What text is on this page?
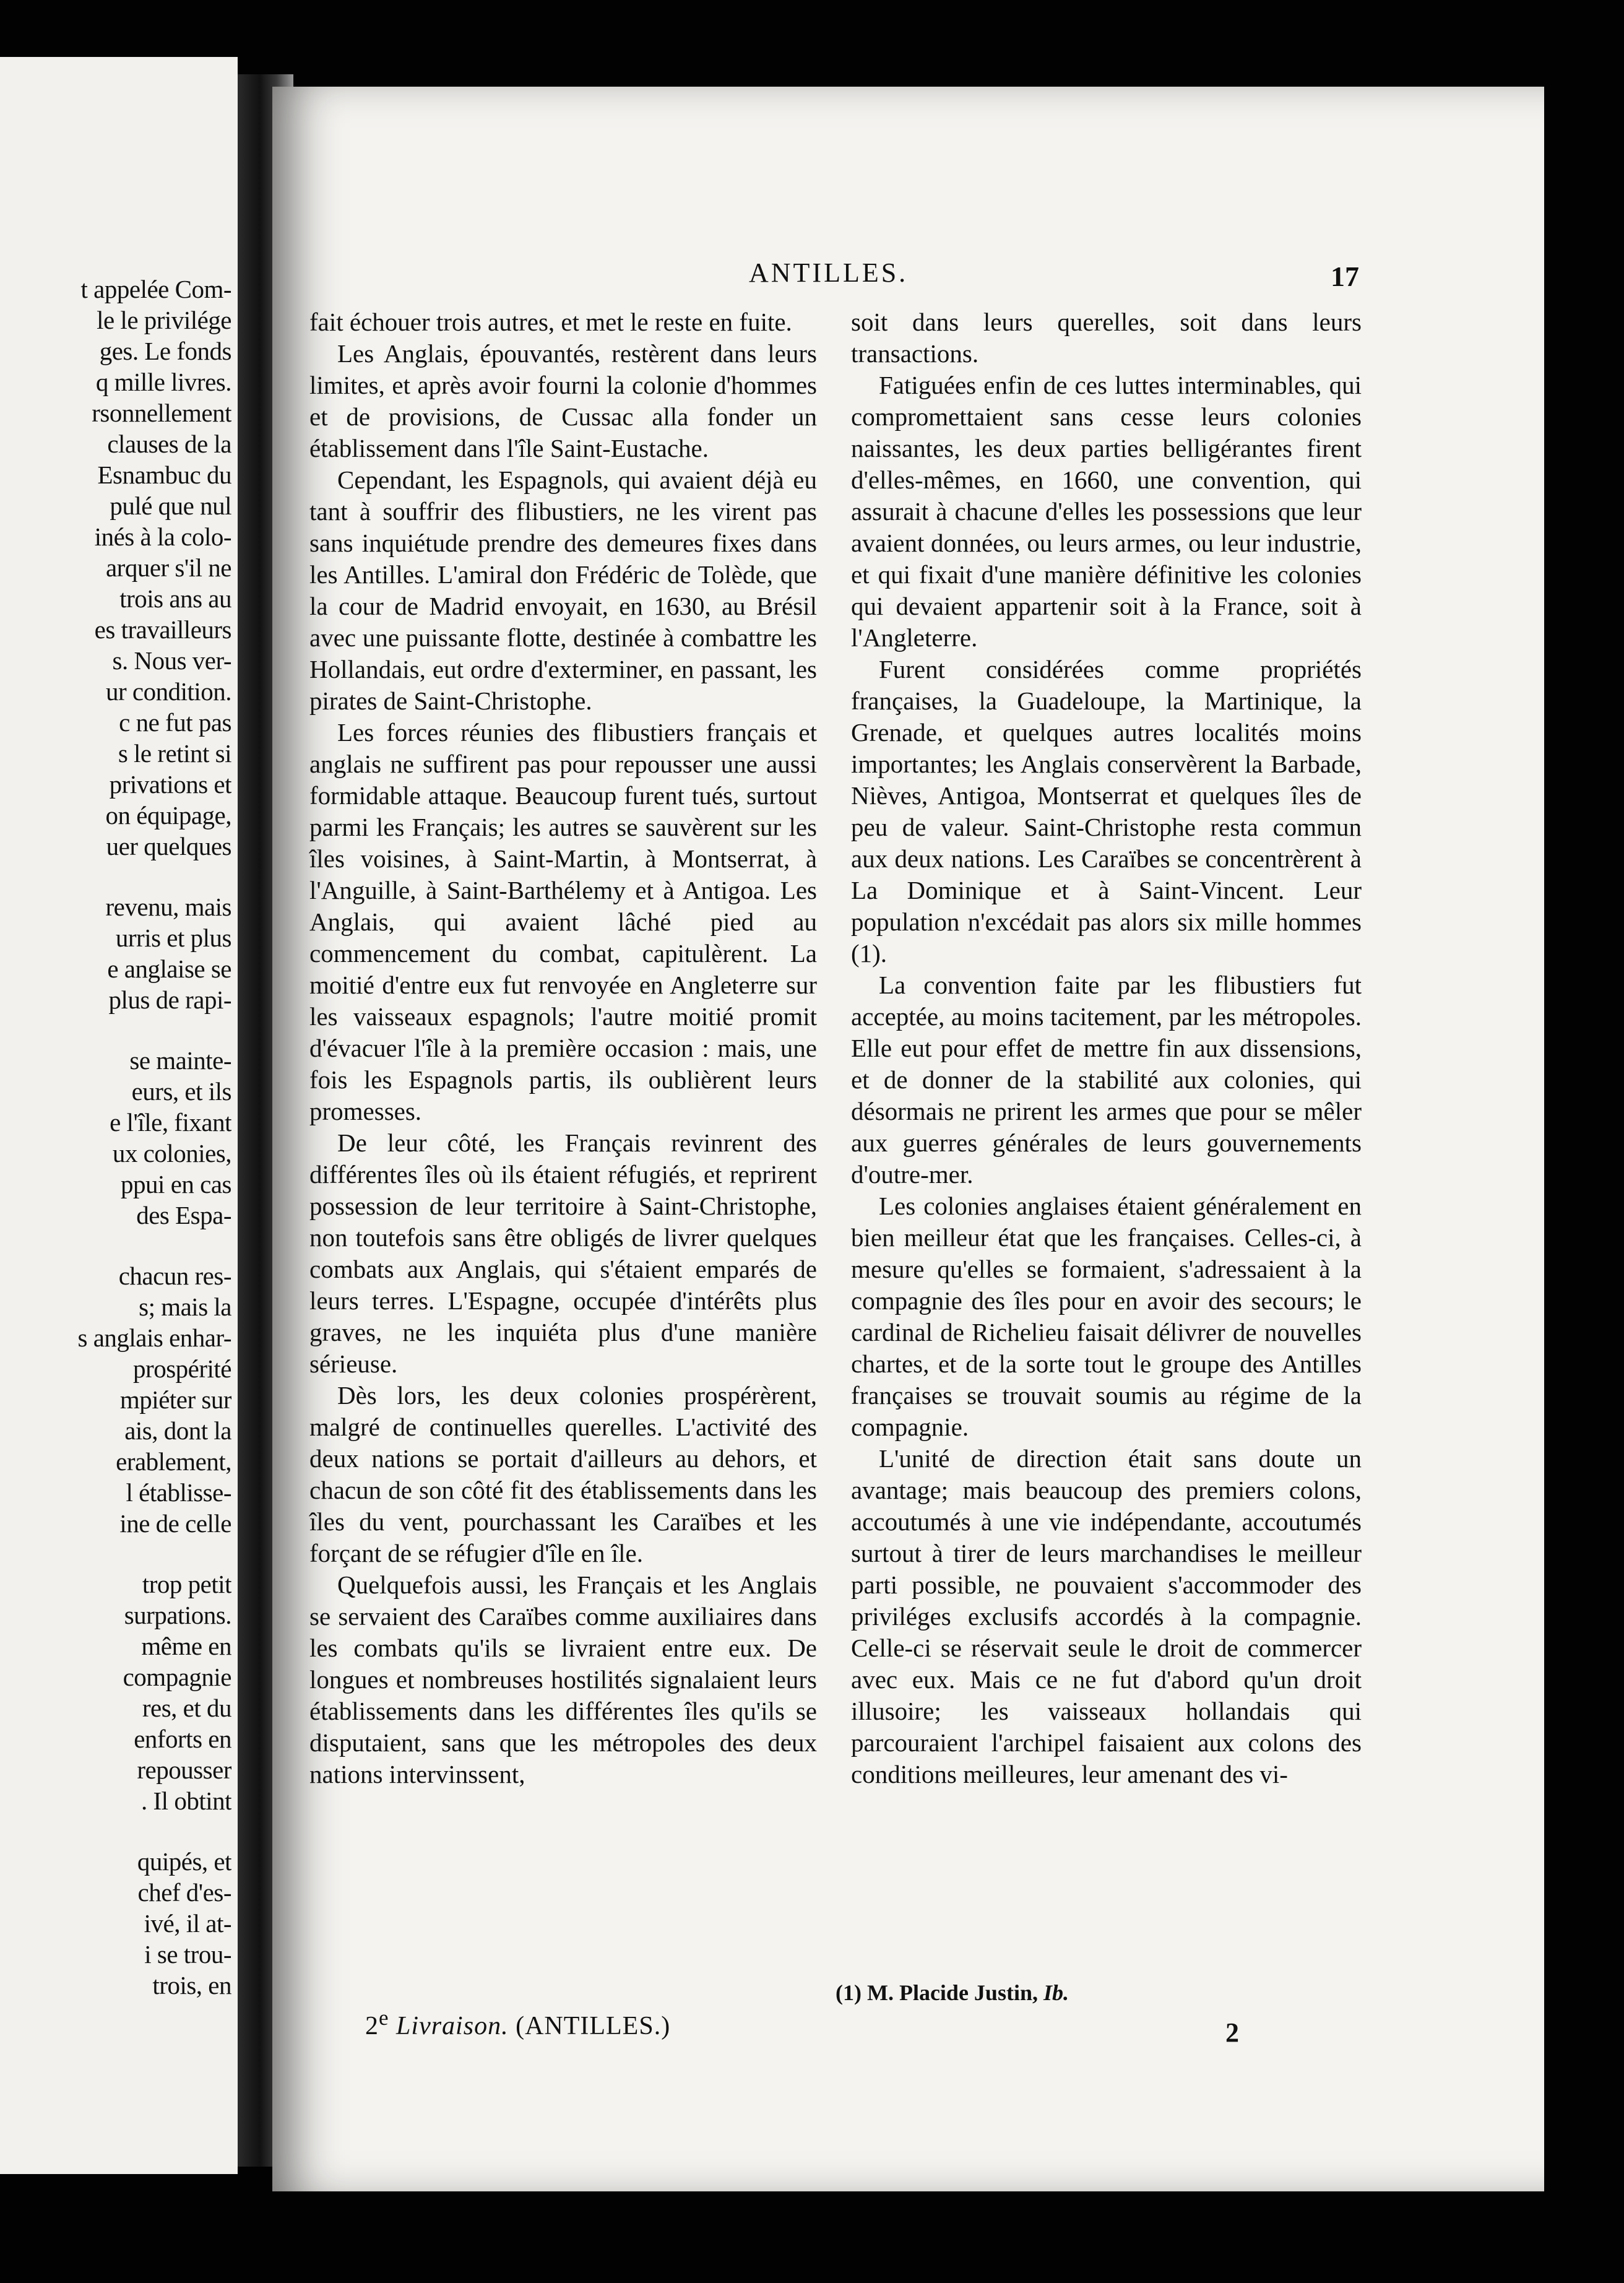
t appelée Com-
le le privilége
ges. Le fonds
q mille livres.
rsonnellement
clauses de la
Esnambuc du
pulé que nul
inés à la colo-
arquer s'il ne
trois ans au
es travailleurs
s. Nous ver-
ur condition.
c ne fut pas
s le retint si
privations et
on équipage,
uer quelques
revenu, mais
urris et plus
e anglaise se
plus de rapi-
se mainte-
eurs, et ils
e l'île, fixant
ux colonies,
ppui en cas
des Espa-
chacun res-
s; mais la
s anglais enhar-
prospérité
mpiéter sur
ais, dont la
erablement,
l établisse-
ine de celle
trop petit
surpations.
même en
compagnie
res, et du
enforts en
repousser
. Il obtint
quipés, et
chef d'es-
ivé, il at-
i se trou-
trois, en
ANTILLES.	17

fait échouer trois autres, et met le reste en fuite.

Les Anglais, épouvantés, restèrent dans leurs limites, et après avoir fourni la colonie d'hommes et de provisions, de Cussac alla fonder un établissement dans l'île Saint-Eustache.

Cependant, les Espagnols, qui avaient déjà eu tant à souffrir des flibustiers, ne les virent pas sans inquiétude prendre des demeures fixes dans les Antilles. L'amiral don Frédéric de Tolède, que la cour de Madrid envoyait, en 1630, au Brésil avec une puissante flotte, destinée à combattre les Hollandais, eut ordre d'exterminer, en passant, les pirates de Saint-Christophe.

Les forces réunies des flibustiers français et anglais ne suffirent pas pour repousser une aussi formidable attaque. Beaucoup furent tués, surtout parmi les Français; les autres se sauvèrent sur les îles voisines, à Saint-Martin, à Montserrat, à l'Anguille, à Saint-Barthélemy et à Antigoa. Les Anglais, qui avaient lâché pied au commencement du combat, capitulèrent. La moitié d'entre eux fut renvoyée en Angleterre sur les vaisseaux espagnols; l'autre moitié promit d'évacuer l'île à la première occasion : mais, une fois les Espagnols partis, ils oublièrent leurs promesses.

De leur côté, les Français revinrent des différentes îles où ils étaient réfugiés, et reprirent possession de leur territoire à Saint-Christophe, non toutefois sans être obligés de livrer quelques combats aux Anglais, qui s'étaient emparés de leurs terres. L'Espagne, occupée d'intérêts plus graves, ne les inquiéta plus d'une manière sérieuse.

Dès lors, les deux colonies prospérèrent, malgré de continuelles querelles. L'activité des deux nations se portait d'ailleurs au dehors, et chacun de son côté fit des établissements dans les îles du vent, pourchassant les Caraïbes et les forçant de se réfugier d'île en île.

Quelquefois aussi, les Français et les Anglais se servaient des Caraïbes comme auxiliaires dans les combats qu'ils se livraient entre eux. De longues et nombreuses hostilités signalaient leurs établissements dans les différentes îles qu'ils se disputaient, sans que les métropoles des deux nations intervinssent,

soit dans leurs querelles, soit dans leurs transactions.

Fatiguées enfin de ces luttes interminables, qui compromettaient sans cesse leurs colonies naissantes, les deux parties belligérantes firent d'elles-mêmes, en 1660, une convention, qui assurait à chacune d'elles les possessions que leur avaient données, ou leurs armes, ou leur industrie, et qui fixait d'une manière définitive les colonies qui devaient appartenir soit à la France, soit à l'Angleterre.

Furent considérées comme propriétés françaises, la Guadeloupe, la Martinique, la Grenade, et quelques autres localités moins importantes; les Anglais conservèrent la Barbade, Nièves, Antigoa, Montserrat et quelques îles de peu de valeur. Saint-Christophe resta commun aux deux nations. Les Caraïbes se concentrèrent à La Dominique et à Saint-Vincent. Leur population n'excédait pas alors six mille hommes (1).

La convention faite par les flibustiers fut acceptée, au moins tacitement, par les métropoles. Elle eut pour effet de mettre fin aux dissensions, et de donner de la stabilité aux colonies, qui désormais ne prirent les armes que pour se mêler aux guerres générales de leurs gouvernements d'outre-mer.

Les colonies anglaises étaient généralement en bien meilleur état que les françaises. Celles-ci, à mesure qu'elles se formaient, s'adressaient à la compagnie des îles pour en avoir des secours; le cardinal de Richelieu faisait délivrer de nouvelles chartes, et de la sorte tout le groupe des Antilles françaises se trouvait soumis au régime de la compagnie.

L'unité de direction était sans doute un avantage; mais beaucoup des premiers colons, accoutumés à une vie indépendante, accoutumés surtout à tirer de leurs marchandises le meilleur parti possible, ne pouvaient s'accommoder des priviléges exclusifs accordés à la compagnie. Celle-ci se réservait seule le droit de commercer avec eux. Mais ce ne fut d'abord qu'un droit illusoire; les vaisseaux hollandais qui parcouraient l'archipel faisaient aux colons des conditions meilleures, leur amenant des vi-

2e Livraison. (ANTILLES.)
(1) M. Placide Justin, Ib.
2
